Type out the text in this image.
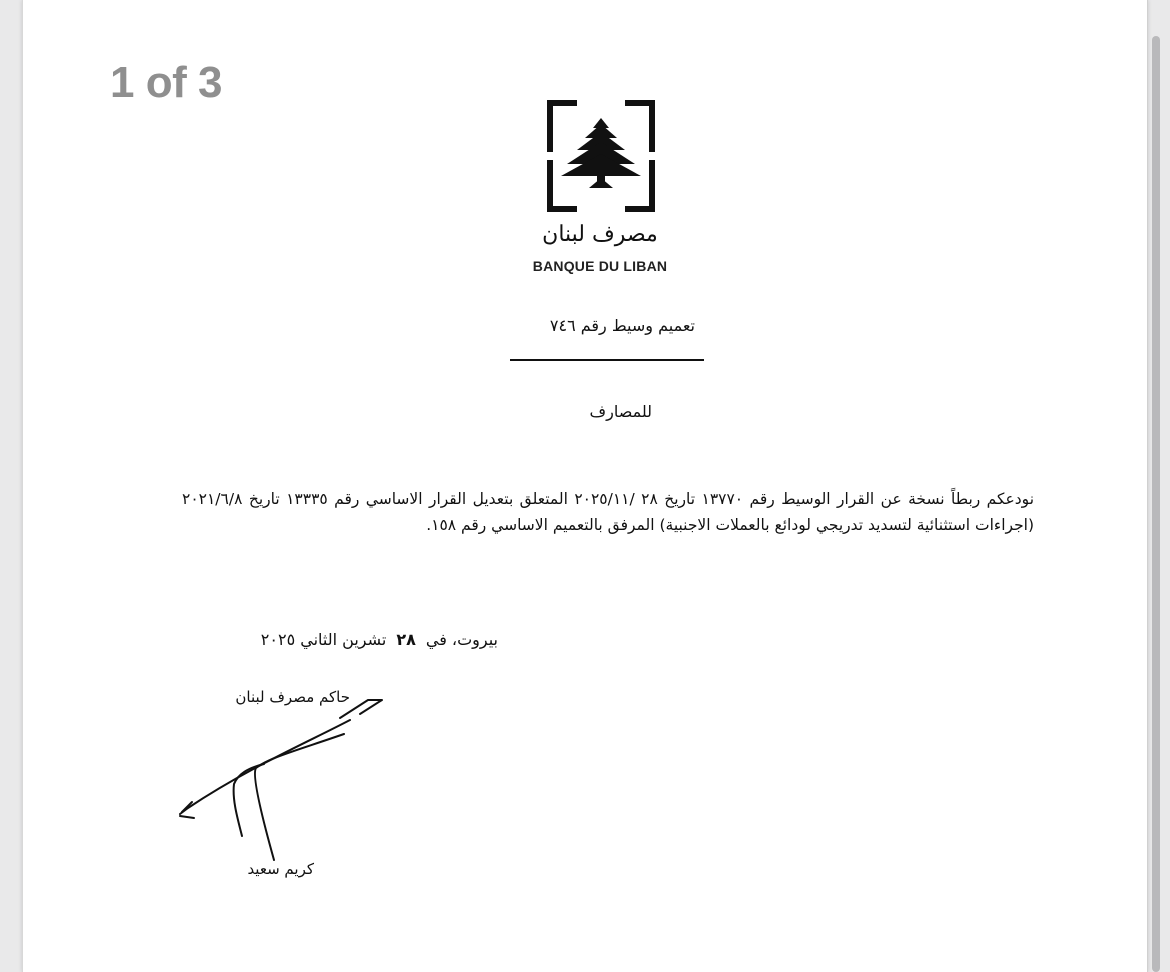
1 of 3
مصرف لبنان
BANQUE DU LIBAN
تعميم وسيط رقم ٧٤٦
للمصارف

نودعكم ربطاً نسخة عن القرار الوسيط رقم ١٣٧٧٠ تاريخ ٢٨ /٢٠٢٥/١١ المتعلق بتعديل القرار الاساسي رقم ١٣٣٣٥ تاريخ ٢٠٢١/٦/٨ (اجراءات استثنائية لتسديد تدريجي لودائع بالعملات الاجنبية) المرفق بالتعميم الاساسي رقم ١٥٨.

بيروت، في٢٨تشرين الثاني ٢٠٢٥
حاكم مصرف لبنان
كريم سعيد
